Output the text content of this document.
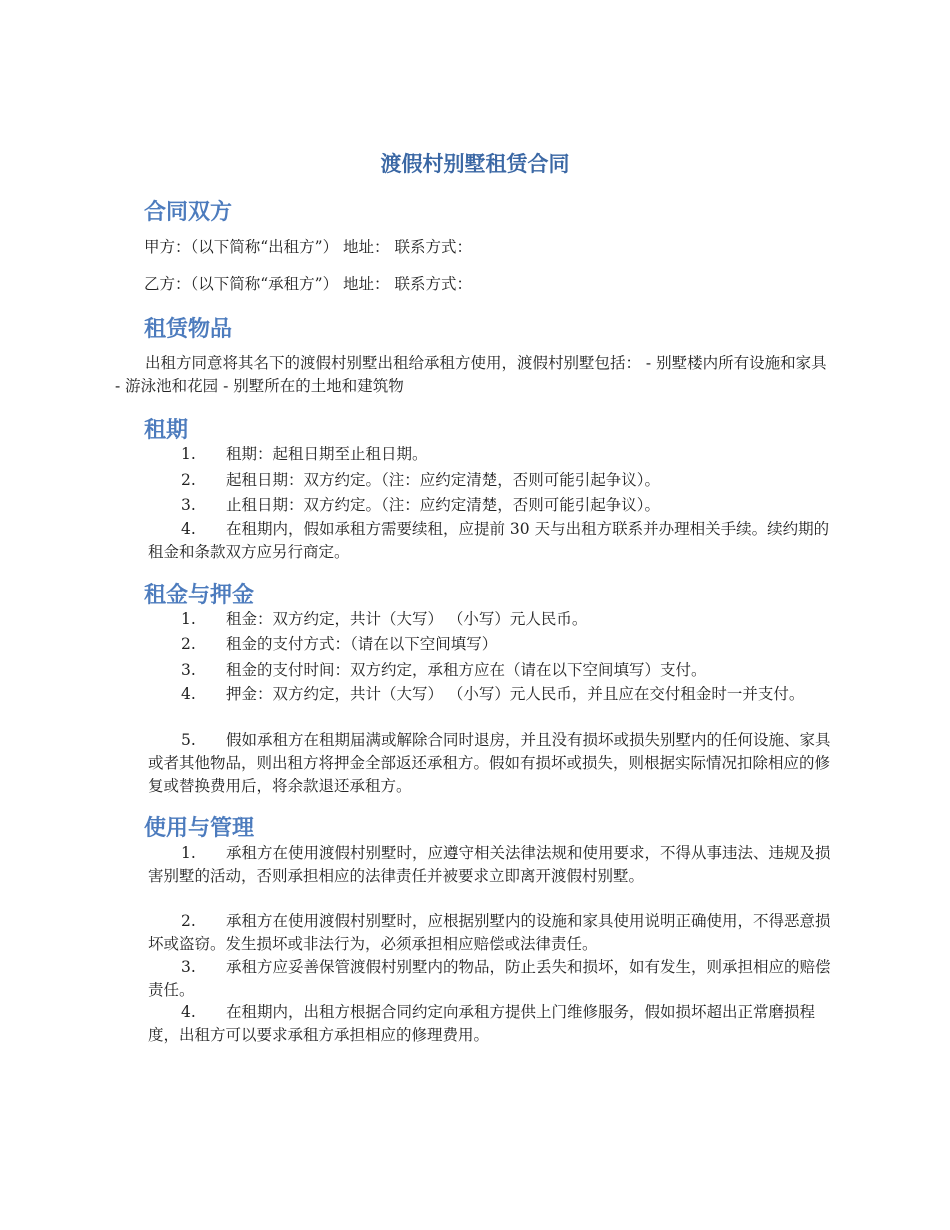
渡假村别墅租赁合同
合同双方

甲方：（以下简称“出租方”） 地址： 联系方式：

乙方：（以下简称“承租方”） 地址： 联系方式：

租赁物品

出租方同意将其名下的渡假村别墅出租给承租方使用，渡假村别墅包括： - 别墅楼内所有设施和家具 - 游泳池和花园 - 别墅所在的土地和建筑物

租期

1. 租期：起租日期至止租日期。

2. 起租日期：双方约定。（注：应约定清楚，否则可能引起争议）。

3. 止租日期：双方约定。（注：应约定清楚，否则可能引起争议）。

4. 在租期内，假如承租方需要续租，应提前 30 天与出租方联系并办理相关手续。续约期的租金和条款双方应另行商定。

租金与押金

1. 租金：双方约定，共计（大写） （小写）元人民币。

2. 租金的支付方式：（请在以下空间填写）

3. 租金的支付时间：双方约定，承租方应在（请在以下空间填写）支付。

4. 押金：双方约定，共计（大写） （小写）元人民币，并且应在交付租金时一并支付。

5. 假如承租方在租期届满或解除合同时退房，并且没有损坏或损失别墅内的任何设施、家具或者其他物品，则出租方将押金全部返还承租方。假如有损坏或损失，则根据实际情况扣除相应的修复或替换费用后，将余款退还承租方。

使用与管理

1. 承租方在使用渡假村别墅时，应遵守相关法律法规和使用要求，不得从事违法、违规及损害别墅的活动，否则承担相应的法律责任并被要求立即离开渡假村别墅。

2. 承租方在使用渡假村别墅时，应根据别墅内的设施和家具使用说明正确使用，不得恶意损坏或盗窃。发生损坏或非法行为，必须承担相应赔偿或法律责任。

3. 承租方应妥善保管渡假村别墅内的物品，防止丢失和损坏，如有发生，则承担相应的赔偿责任。

4. 在租期内，出租方根据合同约定向承租方提供上门维修服务，假如损坏超出正常磨损程度，出租方可以要求承租方承担相应的修理费用。
